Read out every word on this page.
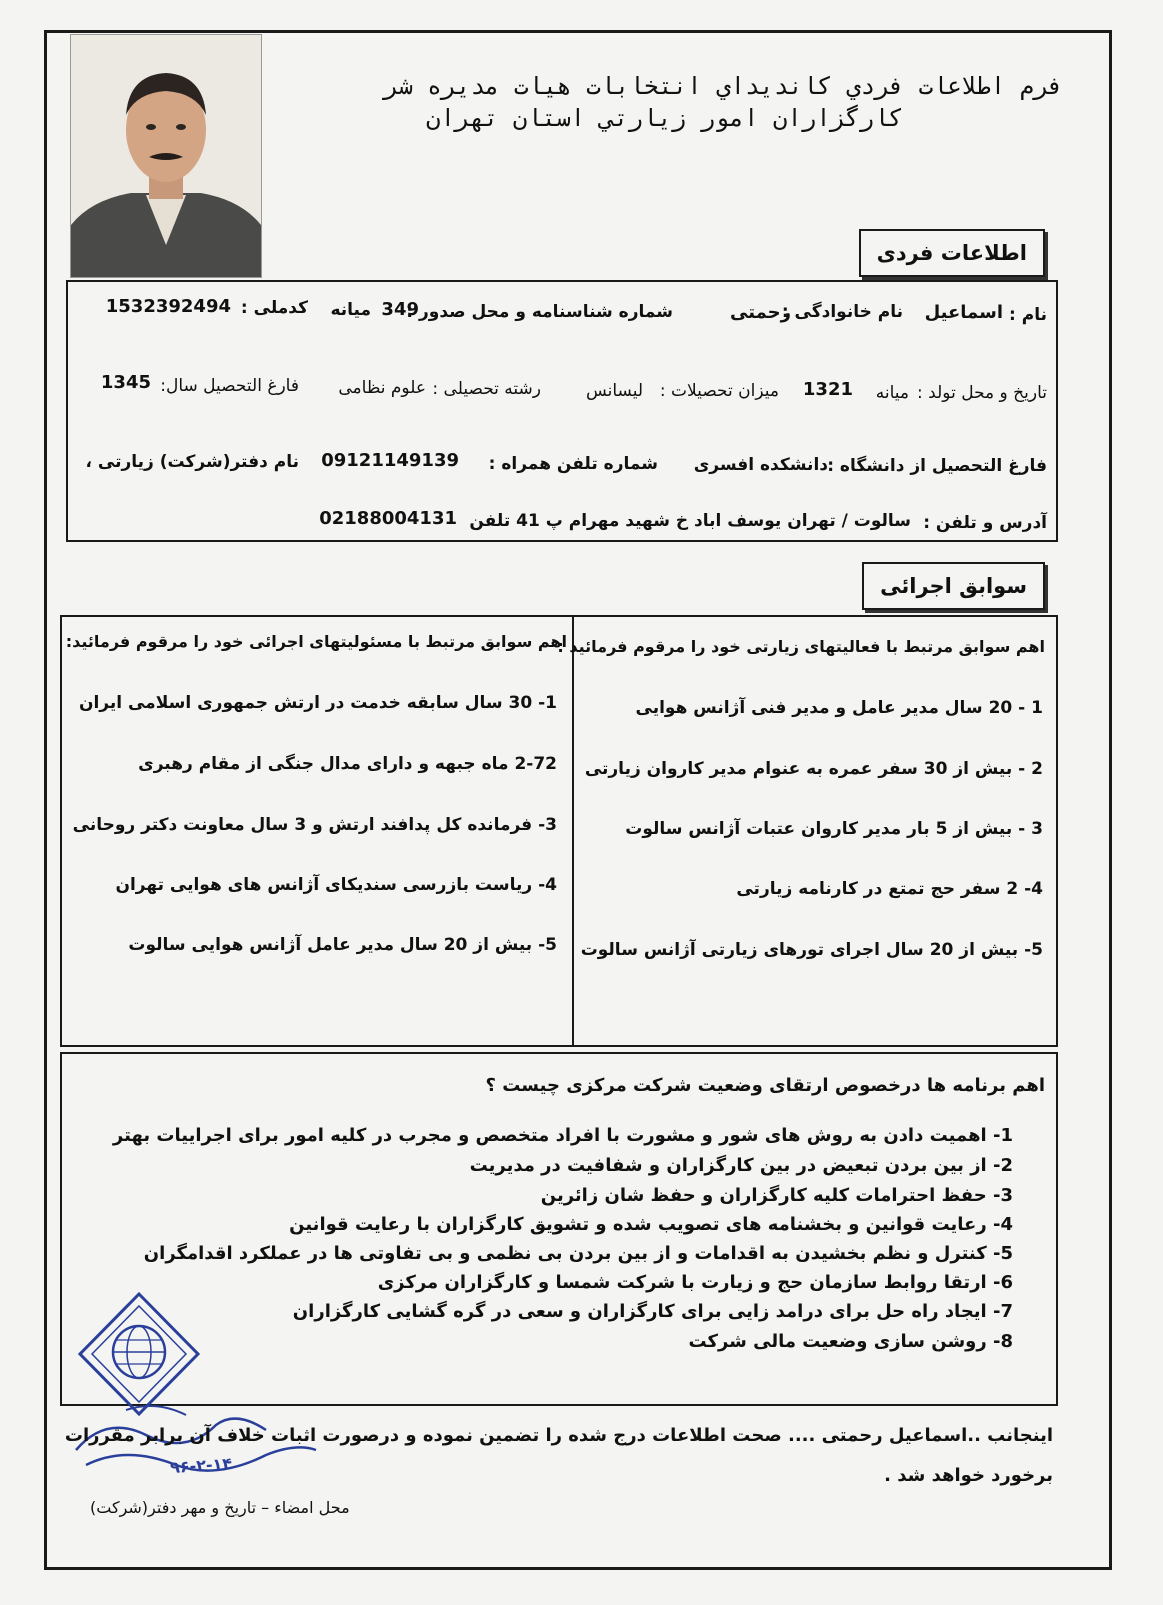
فرم اطلاعات فردي كانديداي انتخابات هيات مديره شر
كارگزاران امور زيارتي استان تهران
اطلاعات فردی
نام :
اسماعیل
نام خانوادگی :
رحمتی
شماره شناسنامه و محل صدور :
349
میانه
کدملی :
1532392494
تاریخ و محل تولد :
میانه
1321
میزان تحصیلات :
لیسانس
رشته تحصیلی :
علوم نظامی
فارغ التحصیل سال:
1345
فارغ التحصیل از دانشگاه :
دانشکده افسری
شماره تلفن همراه :
09121149139
نام دفتر(شرکت) زیارتی ،
آدرس و تلفن :
سالوت / تهران یوسف اباد خ شهید مهرام پ 41 تلفن
02188004131
سوابق اجرائی
اهم سوابق مرتبط با فعالیتهای زیارتی خود را مرقوم فرمائید :
اهم سوابق مرتبط با مسئولیتهای اجرائی خود را مرقوم فرمائید:
1 - 20 سال مدیر عامل و مدیر فنی آژانس هوایی
2 - بیش از 30 سفر عمره به عنوام مدیر کاروان زیارتی
3 - بیش از 5 بار مدیر کاروان عتبات آژانس سالوت
4- 2 سفر حج تمتع در کارنامه زیارتی
5- بیش از 20 سال اجرای تورهای زیارتی آژانس سالوت
1- 30 سال سابقه خدمت در ارتش جمهوری اسلامی ایران
2-72 ماه جبهه و دارای مدال جنگی از مقام رهبری
3- فرمانده کل پدافند ارتش و 3 سال معاونت دکتر روحانی
4- ریاست بازرسی سندیکای آژانس های هوایی تهران
5- بیش از 20 سال مدیر عامل آژانس هوایی سالوت
اهم برنامه ها درخصوص ارتقای وضعیت شرکت مرکزی چیست ؟
1- اهمیت دادن به روش های شور و مشورت با افراد متخصص و مجرب در کلیه امور برای اجراییات بهتر
2- از بین بردن تبعیض در بین کارگزاران و شفافیت در مدیریت
3- حفظ احترامات کلیه کارگزاران و حفظ شان زائرین
4- رعایت قوانین و بخشنامه های تصویب شده و تشویق کارگزاران با رعایت قوانین
5- کنترل و نظم بخشیدن به اقدامات و از بین بردن بی نظمی و بی تفاوتی ها در عملکرد اقدامگران
6- ارتقا روابط سازمان حج و زیارت با شرکت شمسا و کارگزاران مرکزی
7- ایجاد راه حل برای درامد زایی برای کارگزاران و سعی در گره گشایی کارگزاران
8- روشن سازی وضعیت مالی شرکت
۹۶-۲-۱۴
اینجانب ..اسماعیل رحمتی .... صحت اطلاعات درج شده را تضمین نموده و درصورت اثبات خلاف آن برابر مقررات
برخورد خواهد شد .
محل امضاء – تاریخ و مهر دفتر(شرکت)
